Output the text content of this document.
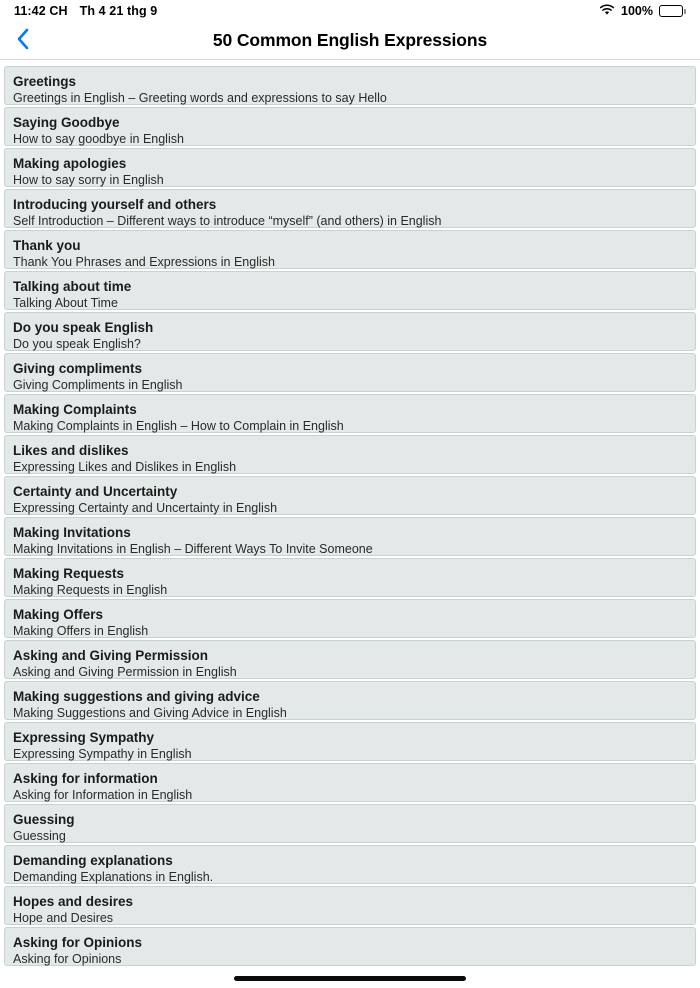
11:42 CH Th 4 21 thg 9	100%
50 Common English Expressions
Greetings
Greetings in English – Greeting words and expressions to say Hello
Saying Goodbye
How to say goodbye in English
Making apologies
How to say sorry in English
Introducing yourself and others
Self Introduction – Different ways to introduce “myself” (and others) in English
Thank you
Thank You Phrases and Expressions in English
Talking about time
Talking About Time
Do you speak English
Do you speak English?
Giving compliments
Giving Compliments in English
Making Complaints
Making Complaints in English – How to Complain in English
Likes and dislikes
Expressing Likes and Dislikes in English
Certainty and Uncertainty
Expressing Certainty and Uncertainty in English
Making Invitations
Making Invitations in English – Different Ways To Invite Someone
Making Requests
Making Requests in English
Making Offers
Making Offers in English
Asking and Giving Permission
Asking and Giving Permission in English
Making suggestions and giving advice
Making Suggestions and Giving Advice in English
Expressing Sympathy
Expressing Sympathy in English
Asking for information
Asking for Information in English
Guessing
Guessing
Demanding explanations
Demanding Explanations in English.
Hopes and desires
Hope and Desires
Asking for Opinions
Asking for Opinions
